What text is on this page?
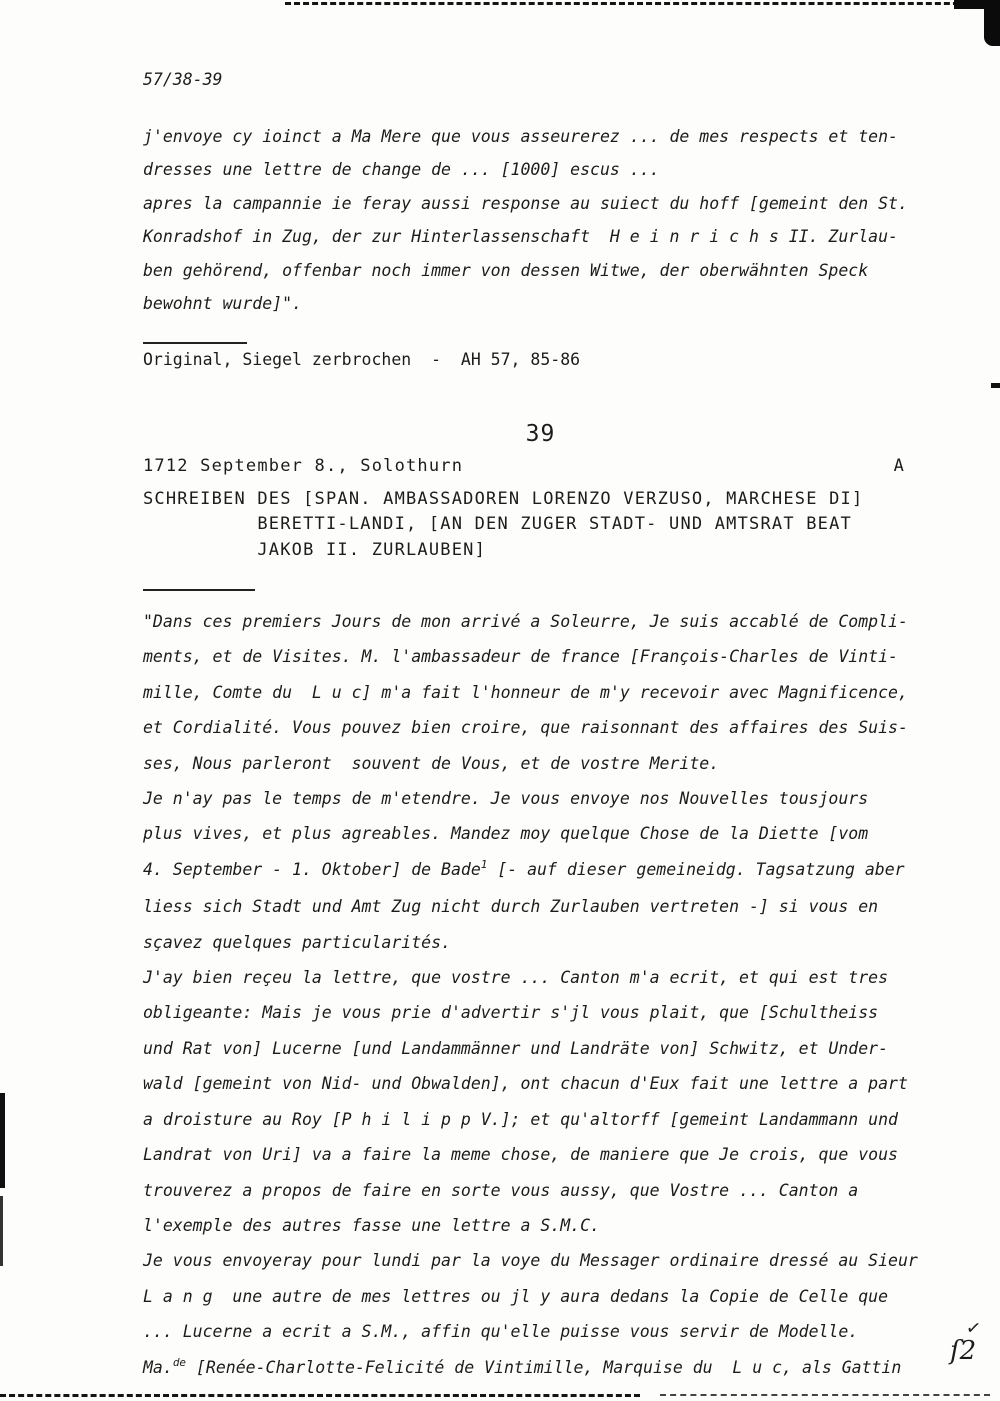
57/38-39
j'envoye cy ioinct a Ma Mere que vous asseurerez ... de mes respects et ten-
dresses une lettre de change de ... [1000] escus ...
apres la campannie ie feray aussi response au suiect du hoff [gemeint den St.
Konradshof in Zug, der zur Hinterlassenschaft  H e i n r i c h s II. Zurlau-
ben gehörend, offenbar noch immer von dessen Witwe, der oberwähnten Speck
bewohnt wurde]".
Original, Siegel zerbrochen  -  AH 57, 85-86
39
1712 September 8., Solothurn	A
SCHREIBEN DES [SPAN. AMBASSADOREN LORENZO VERZUSO, MARCHESE DI]
BERETTI-LANDI, [AN DEN ZUGER STADT- UND AMTSRAT BEAT
JAKOB II. ZURLAUBEN]
"Dans ces premiers Jours de mon arrivé a Soleurre, Je suis accablé de Compli-
ments, et de Visites. M. l'ambassadeur de france [François-Charles de Vinti-
mille, Comte du  L u c] m'a fait l'honneur de m'y recevoir avec Magnificence,
et Cordialité. Vous pouvez bien croire, que raisonnant des affaires des Suis-
ses, Nous parleront  souvent de Vous, et de vostre Merite.
Je n'ay pas le temps de m'etendre. Je vous envoye nos Nouvelles tousjours
plus vives, et plus agreables. Mandez moy quelque Chose de la Diette [vom
4. September - 1. Oktober] de Bade$^1$ [- auf dieser gemeineidg. Tagsatzung aber
liess sich Stadt und Amt Zug nicht durch Zurlauben vertreten -] si vous en
sçavez quelques particularités.
J'ay bien reçeu la lettre, que vostre ... Canton m'a ecrit, et qui est tres
obligeante: Mais je vous prie d'advertir s'jl vous plait, que [Schultheiss
und Rat von] Lucerne [und Landammänner und Landräte von] Schwitz, et Under-
wald [gemeint von Nid- und Obwalden], ont chacun d'Eux fait une lettre a part
a droisture au Roy [P h i l i p p V.]; et qu'altorff [gemeint Landammann und
Landrat von Uri] va a faire la meme chose, de maniere que Je crois, que vous
trouverez a propos de faire en sorte vous aussy, que Vostre ... Canton a
l'exemple des autres fasse une lettre a S.M.C.
Je vous envoyeray pour lundi par la voye du Messager ordinaire dressé au Sieur
L a n g  une autre de mes lettres ou jl y aura dedans la Copie de Celle que
... Lucerne a ecrit a S.M., affin qu'elle puisse vous servir de Modelle.
Ma.$^{de}$ [Renée-Charlotte-Felicité de Vintimille, Marquise du  L u c, als Gattin
✓
ſ2
